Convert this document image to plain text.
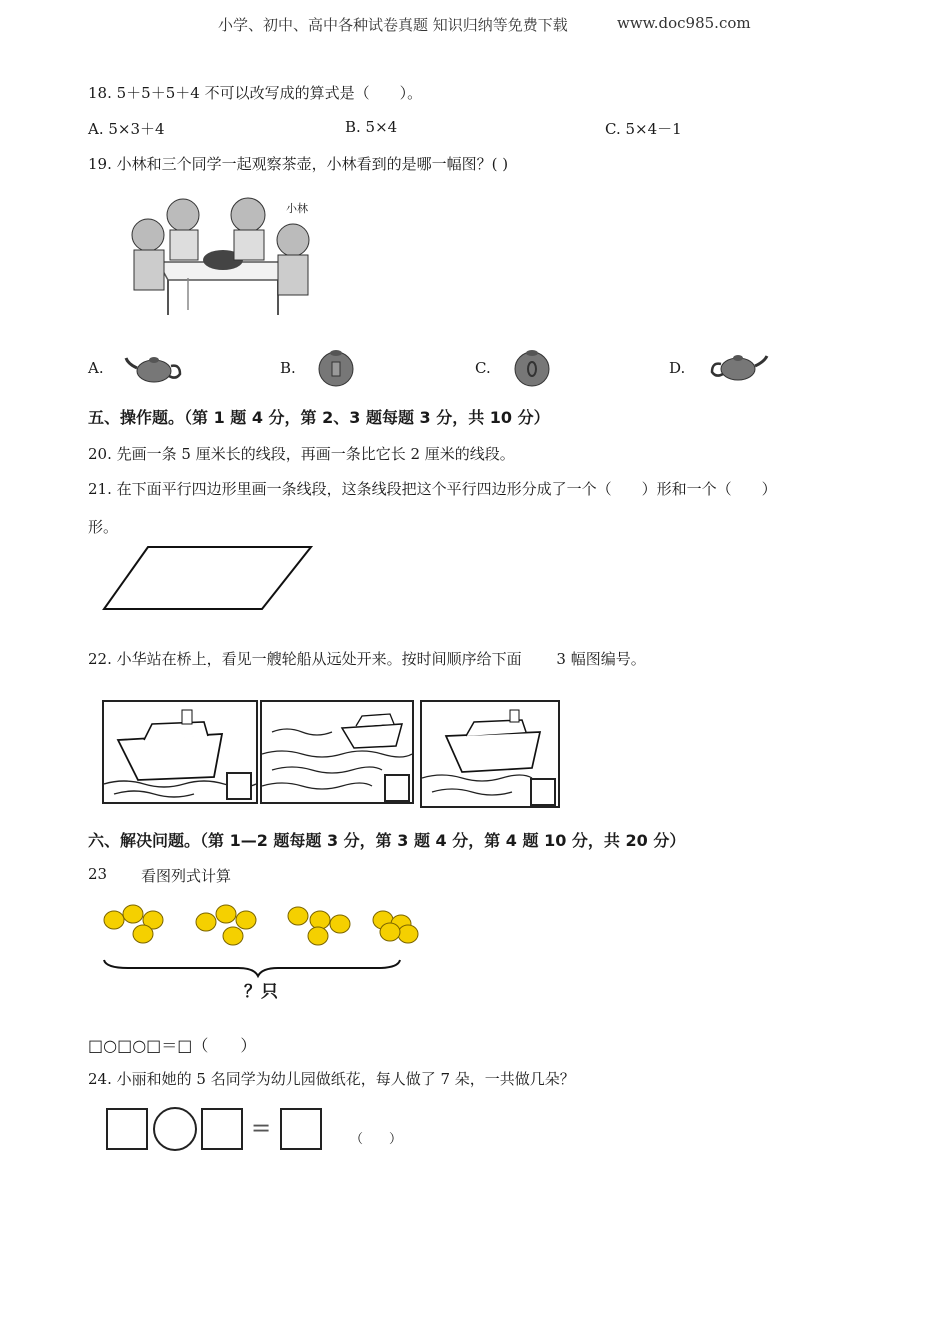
小学、初中、高中各种试卷真题 知识归纳等免费下载	www.doc985.com
18. 5＋5＋5＋4 不可以改写成的算式是（　　）。
A. 5×3＋4	B. 5×4	C. 5×4－1
19. 小林和三个同学一起观察茶壶，小林看到的是哪一幅图？( )
小林
A.	B.	C.	D.
五、操作题。（第 1 题 4 分，第 2、3 题每题 3 分，共 10 分）
20. 先画一条 5 厘米长的线段，再画一条比它长 2 厘米的线段。
21. 在下面平行四边形里画一条线段，这条线段把这个平行四边形分成了一个（　　）形和一个（　　）
形。
22. 小华站在桥上，看见一艘轮船从远处开来。按时间顺序给下面　　 3 幅图编号。
六、解决问题。（第 1—2 题每题 3 分，第 3 题 4 分，第 4 题 10 分，共 20 分）
23 看图列式计算
？只
□○□○□＝□（　　）
24. 小丽和她的 5 名同学为幼儿园做纸花，每人做了 7 朵，一共做几朵？
=	（　　）
